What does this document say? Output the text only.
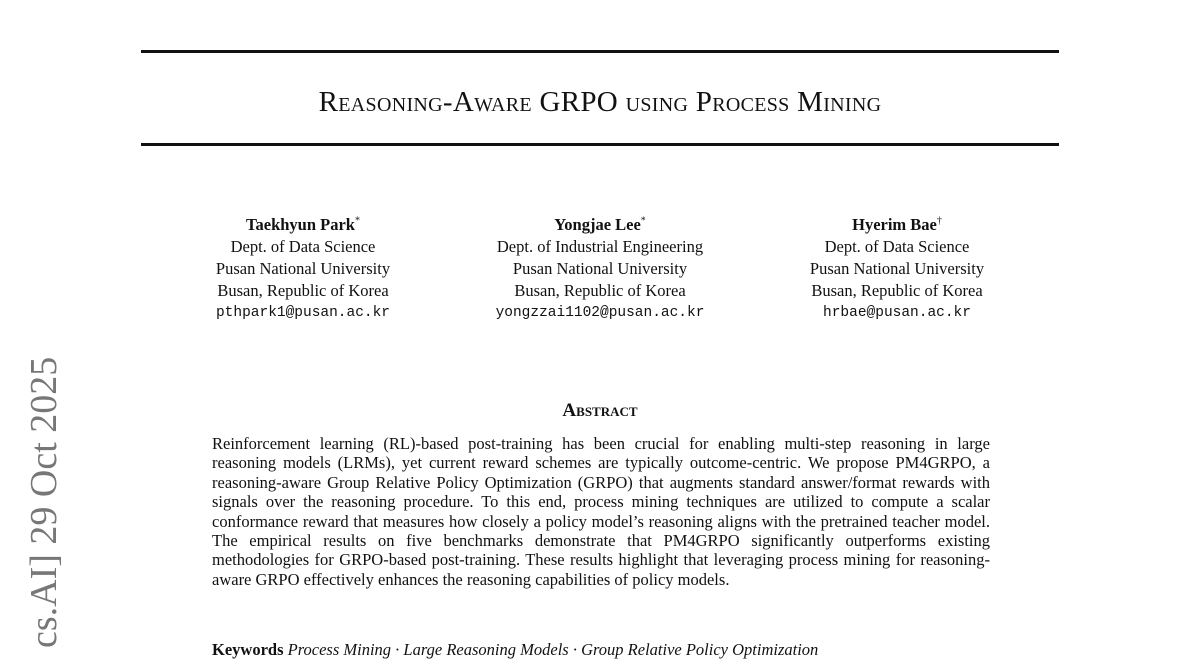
Reasoning-Aware GRPO using Process Mining
Taekhyun Park*
Dept. of Data Science
Pusan National University
Busan, Republic of Korea
pthpark1@pusan.ac.kr
Yongjae Lee*
Dept. of Industrial Engineering
Pusan National University
Busan, Republic of Korea
yongzzai1102@pusan.ac.kr
Hyerim Bae†
Dept. of Data Science
Pusan National University
Busan, Republic of Korea
hrbae@pusan.ac.kr
cs.AI] 29 Oct 2025	Abstract
Reinforcement learning (RL)-based post-training has been crucial for enabling multi-step reasoning in large reasoning models (LRMs), yet current reward schemes are typically outcome-centric. We propose PM4GRPO, a reasoning-aware Group Relative Policy Optimization (GRPO) that augments standard answer/format rewards with signals over the reasoning procedure. To this end, process mining techniques are utilized to compute a scalar conformance reward that measures how closely a policy model’s reasoning aligns with the pretrained teacher model. The empirical results on five benchmarks demonstrate that PM4GRPO significantly outperforms existing methodologies for GRPO-based post-training. These results highlight that leveraging process mining for reasoning-aware GRPO effectively enhances the reasoning capabilities of policy models.
Keywords Process Mining · Large Reasoning Models · Group Relative Policy Optimization
